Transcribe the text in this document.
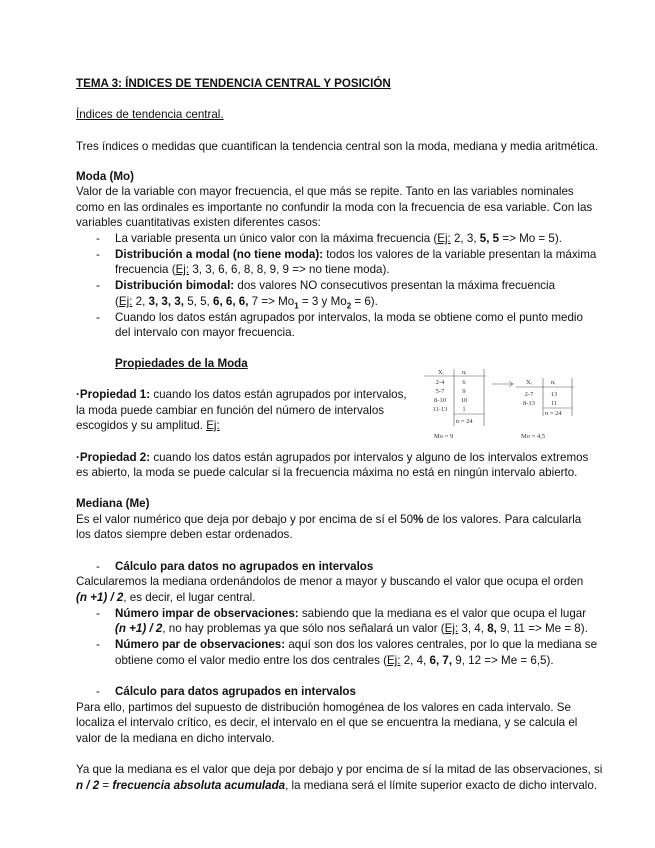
TEMA 3: ÍNDICES DE TENDENCIA CENTRAL Y POSICIÓN
Índices de tendencia central.
Tres índices o medidas que cuantifican la tendencia central son la moda, mediana y media aritmética.
Moda (Mo)
Valor de la variable con mayor frecuencia, el que más se repite. Tanto en las variables nominales
como en las ordinales es importante no confundir la moda con la frecuencia de esa variable. Con las
variables cuantitativas existen diferentes casos:
- La variable presenta un único valor con la máxima frecuencia (Ej: 2, 3, 5, 5 => Mo = 5).
- Distribución a modal (no tiene moda): todos los valores de la variable presentan la máxima
frecuencia (Ej: 3, 3, 6, 6, 8, 8, 9, 9 => no tiene moda).
- Distribución bimodal: dos valores NO consecutivos presentan la máxima frecuencia
(Ej: 2, 3, 3, 3, 5, 5, 6, 6, 6, $7 => Mo_1 = 3$ y $Mo_2 = 6$).
- Cuando los datos están agrupados por intervalos, la moda se obtiene como el punto medio
del intervalo con mayor frecuencia.
Propiedades de la Moda
·Propiedad 1: cuando los datos están agrupados por intervalos,
la moda puede cambiar en función del número de intervalos
escogidos y su amplitud. Ej:
Xᵢ	nᵢ
2-4	6
5-7	9
8-10 10
11-13 1
n = 24
Mo = 9
Xᵢ	nᵢ
2-7	13
8-13 11
n = 24
Mo = 4,5
·Propiedad 2: cuando los datos están agrupados por intervalos y alguno de los intervalos extremos
es abierto, la moda se puede calcular si la frecuencia máxima no está en ningún intervalo abierto.
Mediana (Me)
Es el valor numérico que deja por debajo y por encima de sí el 50% de los valores. Para calcularla
los datos siempre deben estar ordenados.
- Cálculo para datos no agrupados en intervalos
Calcularemos la mediana ordenándolos de menor a mayor y buscando el valor que ocupa el orden
(n +1) / 2, es decir, el lugar central.
- Número impar de observaciones: sabiendo que la mediana es el valor que ocupa el lugar
(n +1) / 2, no hay problemas ya que sólo nos señalará un valor (Ej: 3, 4, 8, 9, 11 => Me = 8).
- Número par de observaciones: aquí son dos los valores centrales, por lo que la mediana se
obtiene como el valor medio entre los dos centrales (Ej: 2, 4, 6, 7, 9, 12 => Me = 6,5).
- Cálculo para datos agrupados en intervalos
Para ello, partimos del supuesto de distribución homogénea de los valores en cada intervalo. Se
localiza el intervalo crítico, es decir, el intervalo en el que se encuentra la mediana, y se calcula el
valor de la mediana en dicho intervalo.
Ya que la mediana es el valor que deja por debajo y por encima de sí la mitad de las observaciones, si
n / 2 = frecuencia absoluta acumulada, la mediana será el límite superior exacto de dicho intervalo.
